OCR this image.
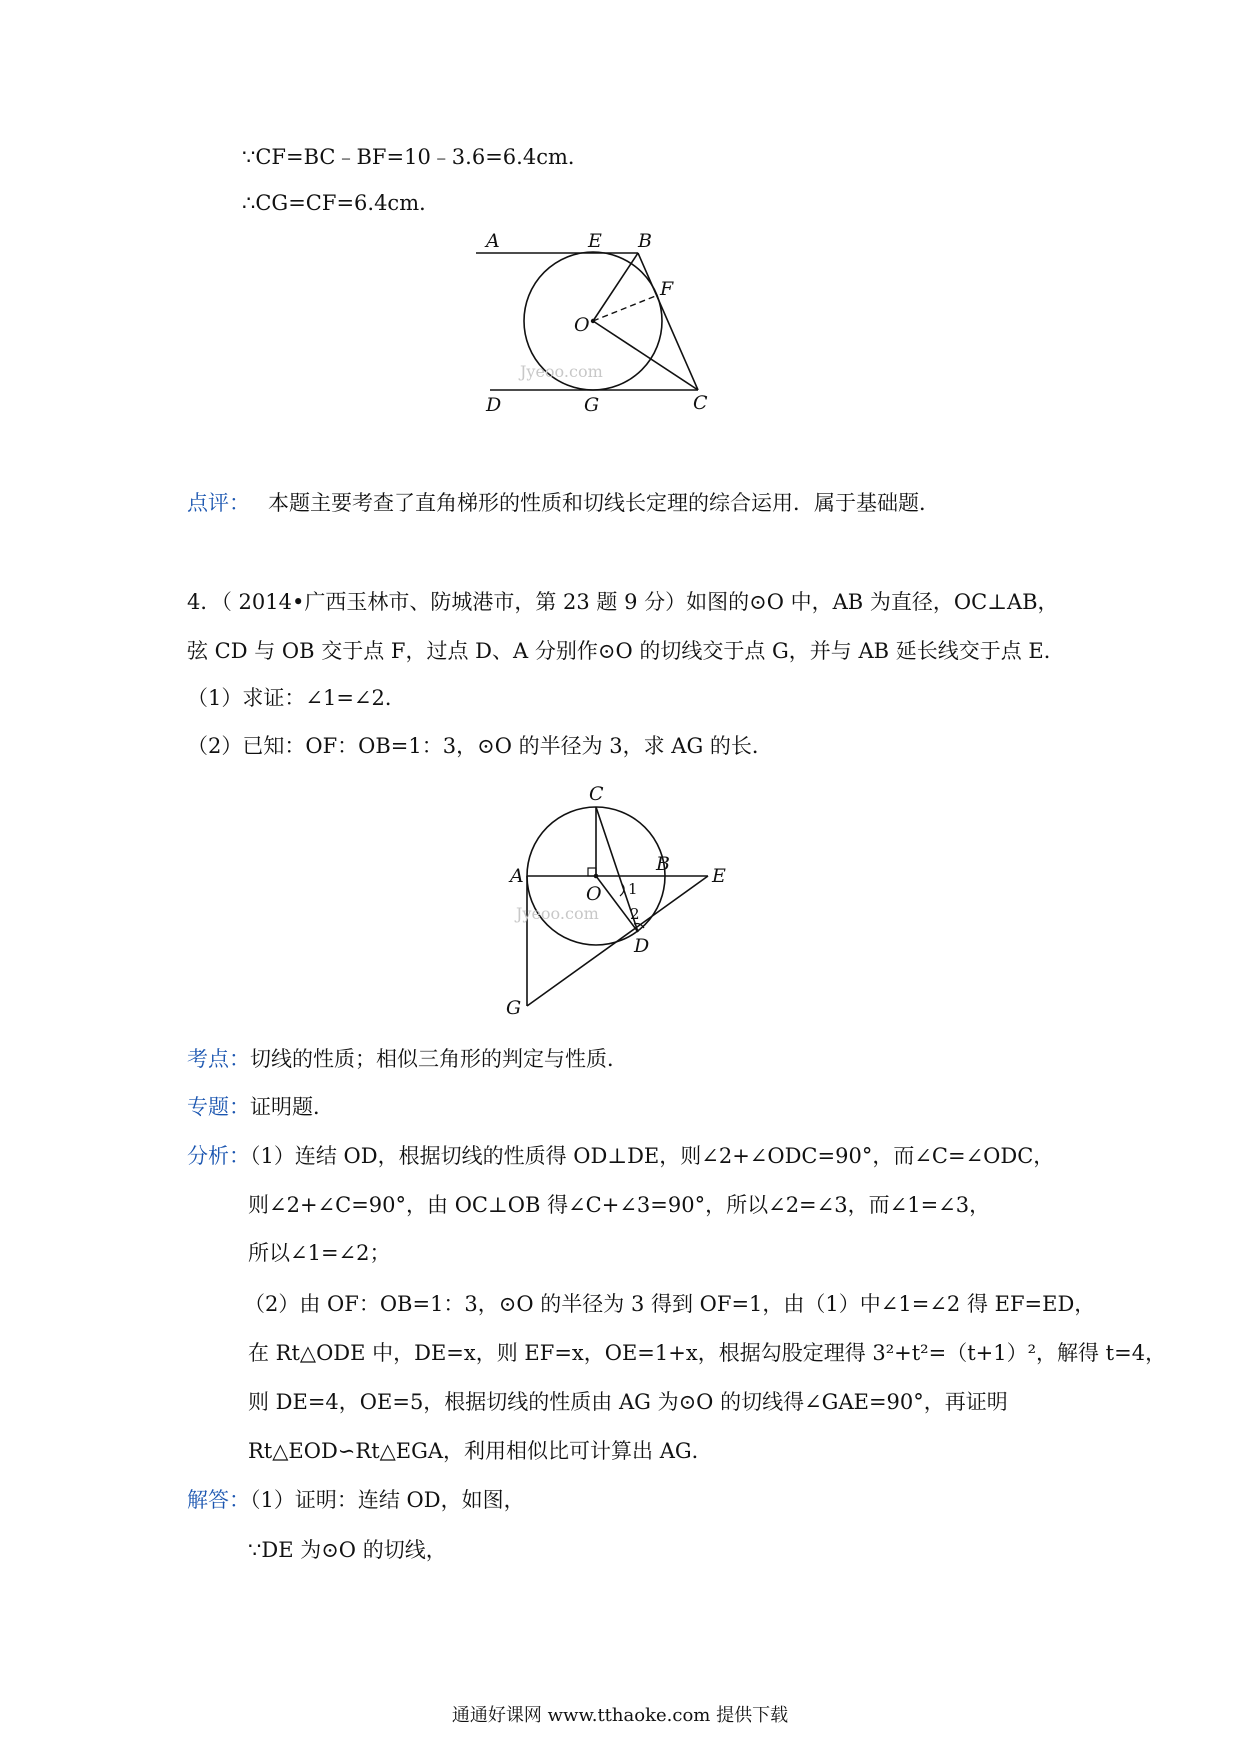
∵CF=BC﹣BF=10﹣3.6=6.4cm．
∴CG=CF=6.4cm．
A	E B
F
O
D	G	C
Jyeoo.com
点评： 本题主要考查了直角梯形的性质和切线长定理的综合运用．属于基础题．
4．（ 2014•广西玉林市、防城港市，第 23 题 9 分）如图的⊙O 中，AB 为直径，OC⊥AB，
弦 CD 与 OB 交于点 F，过点 D、A 分别作⊙O 的切线交于点 G，并与 AB 延长线交于点 E．
（1）求证：∠1=∠2．
（2）已知：OF：OB=1：3，⊙O 的半径为 3，求 AG 的长．
C
A
O
B
E
1
2
D
G
Jyeoo.com
考点：切线的性质；相似三角形的判定与性质．
专题：证明题．
分析：（1）连结 OD，根据切线的性质得 OD⊥DE，则∠2+∠ODC=90°，而∠C=∠ODC，
则∠2+∠C=90°，由 OC⊥OB 得∠C+∠3=90°，所以∠2=∠3，而∠1=∠3，
所以∠1=∠2；
（2）由 OF：OB=1：3，⊙O 的半径为 3 得到 OF=1，由（1）中∠1=∠2 得 EF=ED，
在 Rt△ODE 中，DE=x，则 EF=x，OE=1+x，根据勾股定理得 3²+t²=（t+1）²，解得 t=4，
则 DE=4，OE=5，根据切线的性质由 AG 为⊙O 的切线得∠GAE=90°，再证明
Rt△EOD∽Rt△EGA，利用相似比可计算出 AG．
解答：（1）证明：连结 OD，如图，
∵DE 为⊙O 的切线，
通通好课网 www.tthaoke.com 提供下载
